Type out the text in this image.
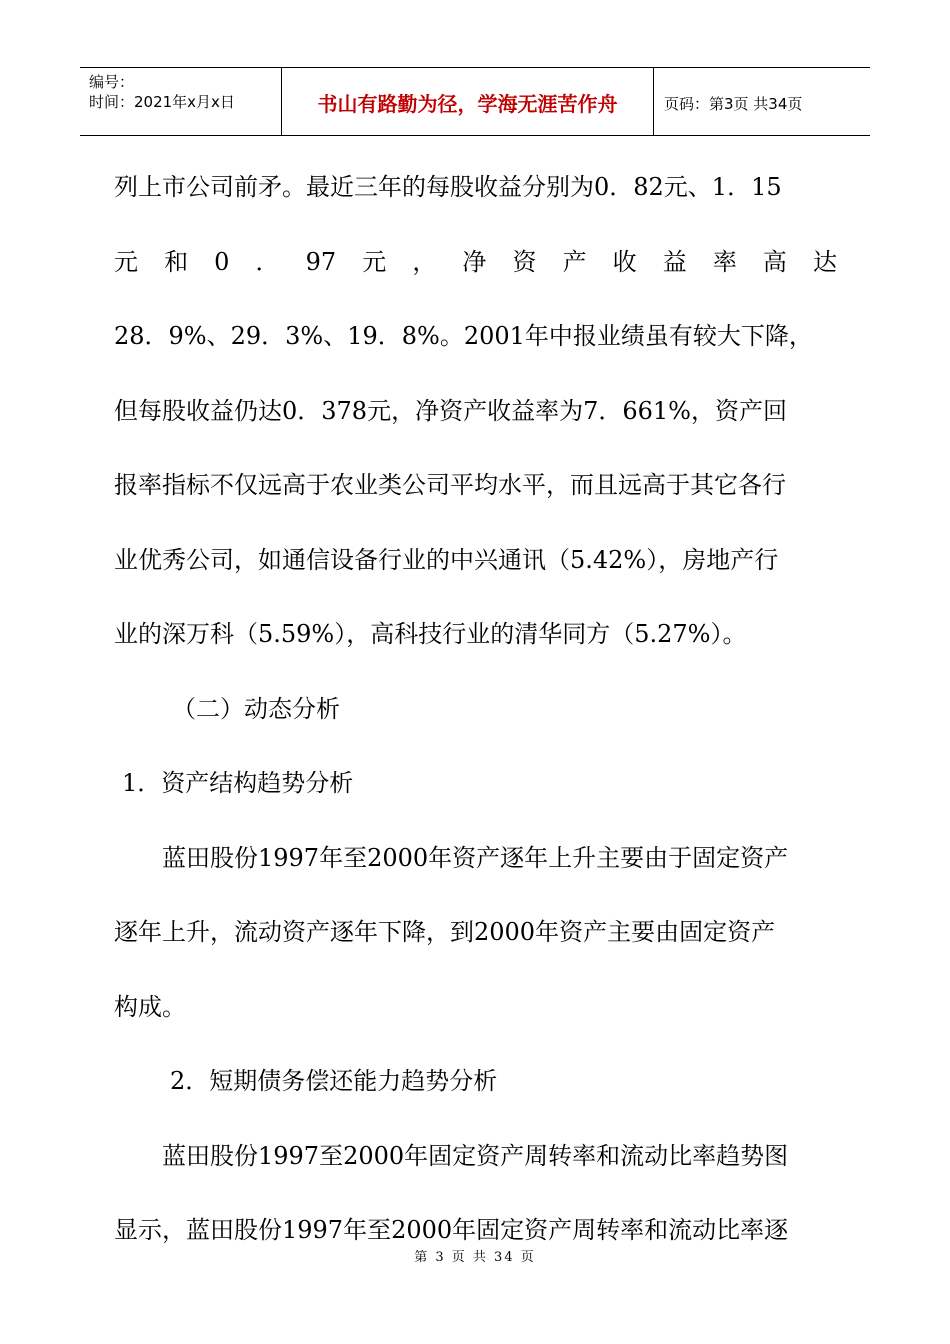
编号：
时间：2021年x月x日	书山有路勤为径，学海无涯苦作舟	页码：第3页 共34页

列上市公司前矛。最近三年的每股收益分别为0．82元、1．15

元和0．97元，净资产收益率高达

28．9%、29．3%、19．8%。2001年中报业绩虽有较大下降，

但每股收益仍达0．378元，净资产收益率为7．661%，资产回

报率指标不仅远高于农业类公司平均水平，而且远高于其它各行

业优秀公司，如通信设备行业的中兴通讯（5.42%），房地产行

业的深万科（5.59%），高科技行业的清华同方（5.27%）。

（二）动态分析

1．资产结构趋势分析

蓝田股份1997年至2000年资产逐年上升主要由于固定资产

逐年上升，流动资产逐年下降，到2000年资产主要由固定资产

构成。

2．短期债务偿还能力趋势分析

蓝田股份1997至2000年固定资产周转率和流动比率趋势图

显示，蓝田股份1997年至2000年固定资产周转率和流动比率逐

第 3 页 共 34 页
